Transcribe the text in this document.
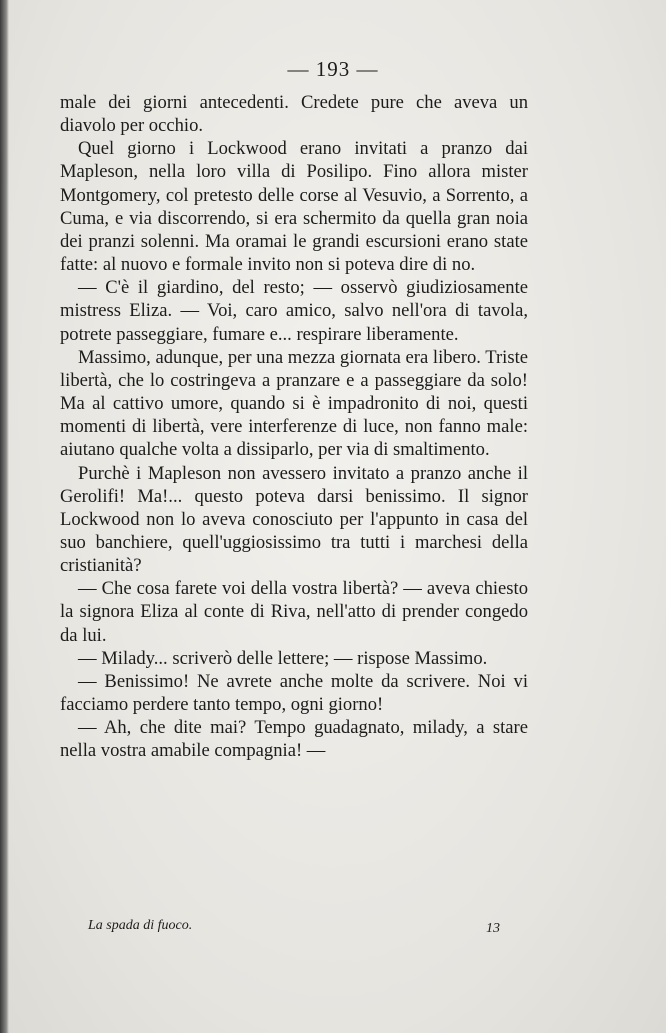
— 193 —

male dei giorni antecedenti. Credete pure che aveva un diavolo per occhio.

Quel giorno i Lockwood erano invitati a pranzo dai Mapleson, nella loro villa di Posilipo. Fino allora mister Montgomery, col pretesto delle corse al Vesuvio, a Sorrento, a Cuma, e via discorrendo, si era schermito da quella gran noia dei pranzi solenni. Ma oramai le grandi escursioni erano state fatte: al nuovo e formale invito non si poteva dire di no.

— C'è il giardino, del resto; — osservò giudiziosamente mistress Eliza. — Voi, caro amico, salvo nell'ora di tavola, potrete passeggiare, fumare e... respirare liberamente.

Massimo, adunque, per una mezza giornata era libero. Triste libertà, che lo costringeva a pranzare e a passeggiare da solo! Ma al cattivo umore, quando si è impadronito di noi, questi momenti di libertà, vere interferenze di luce, non fanno male: aiutano qualche volta a dissiparlo, per via di smaltimento.

Purchè i Mapleson non avessero invitato a pranzo anche il Gerolifi! Ma!... questo poteva darsi benissimo. Il signor Lockwood non lo aveva conosciuto per l'appunto in casa del suo banchiere, quell'uggiosissimo tra tutti i marchesi della cristianità?

— Che cosa farete voi della vostra libertà? — aveva chiesto la signora Eliza al conte di Riva, nell'atto di prender congedo da lui.

— Milady... scriverò delle lettere; — rispose Massimo.

— Benissimo! Ne avrete anche molte da scrivere. Noi vi facciamo perdere tanto tempo, ogni giorno!

— Ah, che dite mai? Tempo guadagnato, milady, a stare nella vostra amabile compagnia! —

La spada di fuoco.	13
